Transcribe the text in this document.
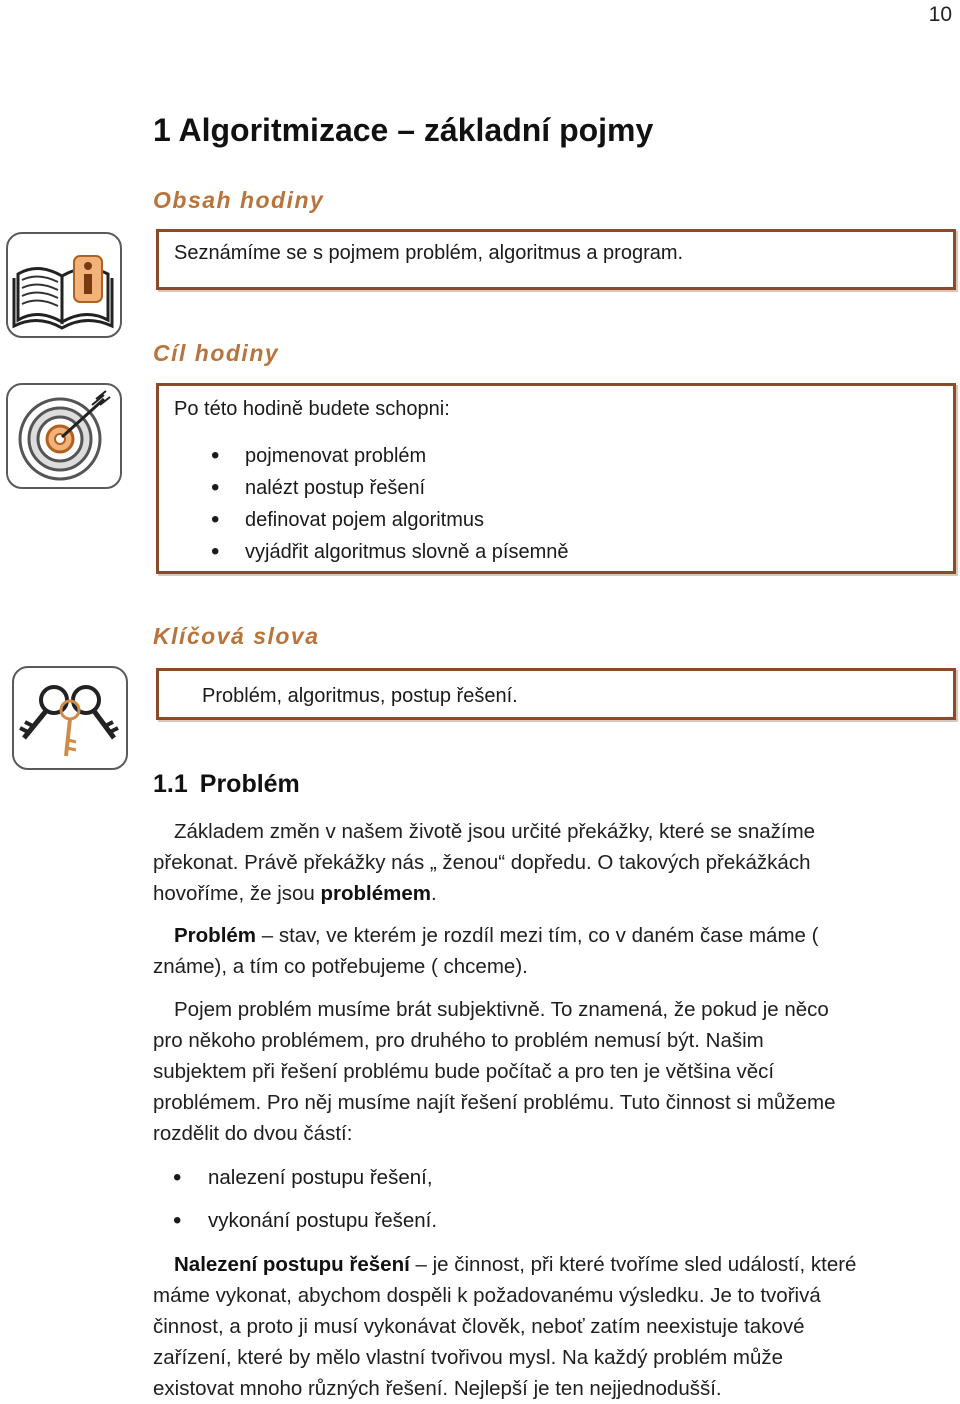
10
1 Algoritmizace – základní pojmy
Obsah hodiny
Seznámíme se s pojmem problém, algoritmus a program.
Cíl hodiny
Po této hodině budete schopni:
• pojmenovat problém
• nalézt postup řešení
• definovat pojem algoritmus
• vyjádřit algoritmus slovně a písemně
Klíčová slova
Problém, algoritmus, postup řešení.
1.1 Problém
Základem změn v našem životě jsou určité překážky, které se snažíme
překonat. Právě překážky nás „ ženou“ dopředu. O takových překážkách
hovoříme, že jsou problémem.
Problém – stav, ve kterém je rozdíl mezi tím, co v daném čase máme (
známe), a tím co potřebujeme ( chceme).
Pojem problém musíme brát subjektivně. To znamená, že pokud je něco
pro někoho problémem, pro druhého to problém nemusí být. Našim
subjektem při řešení problému bude počítač a pro ten je většina věcí
problémem. Pro něj musíme najít řešení problému. Tuto činnost si můžeme
rozdělit do dvou částí:
• nalezení postupu řešení,
• vykonání postupu řešení.
Nalezení postupu řešení – je činnost, při které tvoříme sled událostí, které
máme vykonat, abychom dospěli k požadovanému výsledku. Je to tvořivá
činnost, a proto ji musí vykonávat člověk, neboť zatím neexistuje takové
zařízení, které by mělo vlastní tvořivou mysl. Na každý problém může
existovat mnoho různých řešení. Nejlepší je ten nejjednodušší.
